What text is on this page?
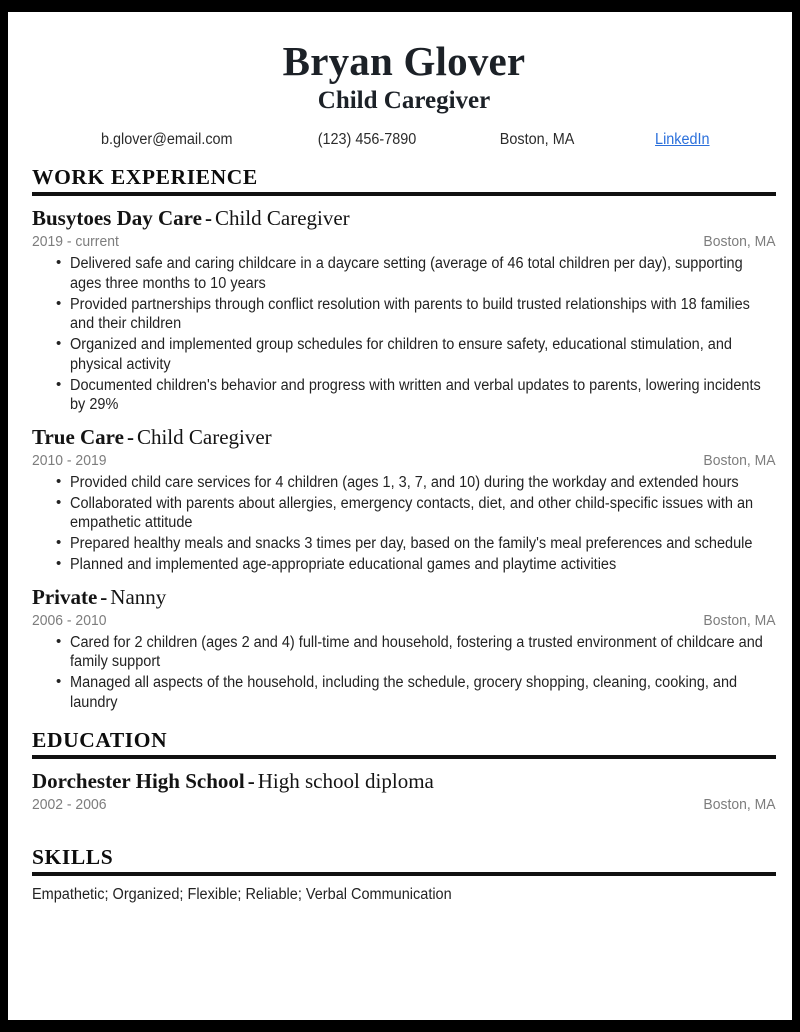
Bryan Glover
Child Caregiver
b.glover@email.com	(123) 456-7890	Boston, MA	LinkedIn
WORK EXPERIENCE
Busytoes Day Care - Child Caregiver
2019 - current	Boston, MA
• Delivered safe and caring childcare in a daycare setting (average of 46 total children per day), supporting ages three months to 10 years
• Provided partnerships through conflict resolution with parents to build trusted relationships with 18 families and their children
• Organized and implemented group schedules for children to ensure safety, educational stimulation, and physical activity
• Documented children's behavior and progress with written and verbal updates to parents, lowering incidents by 29%
True Care - Child Caregiver
2010 - 2019	Boston, MA
• Provided child care services for 4 children (ages 1, 3, 7, and 10) during the workday and extended hours
• Collaborated with parents about allergies, emergency contacts, diet, and other child-specific issues with an empathetic attitude
• Prepared healthy meals and snacks 3 times per day, based on the family's meal preferences and schedule
• Planned and implemented age-appropriate educational games and playtime activities
Private - Nanny
2006 - 2010	Boston, MA
• Cared for 2 children (ages 2 and 4) full-time and household, fostering a trusted environment of childcare and family support
• Managed all aspects of the household, including the schedule, grocery shopping, cleaning, cooking, and laundry
EDUCATION
Dorchester High School - High school diploma
2002 - 2006	Boston, MA
SKILLS
Empathetic; Organized; Flexible; Reliable; Verbal Communication
